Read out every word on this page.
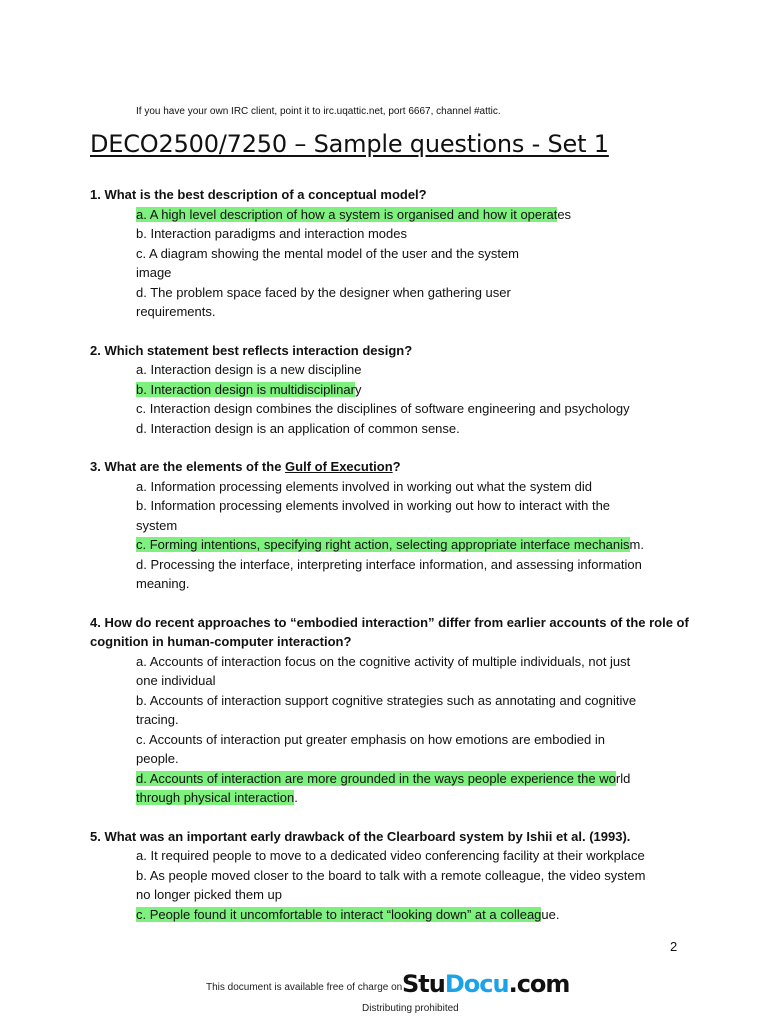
If you have your own IRC client, point it to irc.uqattic.net, port 6667, channel #attic.
DECO2500/7250 – Sample questions - Set 1

1. What is the best description of a conceptual model?

a. A high level description of how a system is organised and how it operates
b. Interaction paradigms and interaction modes
c. A diagram showing the mental model of the user and the system
image
d. The problem space faced by the designer when gathering user
requirements.

2. Which statement best reflects interaction design?

a. Interaction design is a new discipline
b. Interaction design is multidisciplinary
c. Interaction design combines the disciplines of software engineering and psychology
d. Interaction design is an application of common sense.

3. What are the elements of the Gulf of Execution?

a. Information processing elements involved in working out what the system did
b. Information processing elements involved in working out how to interact with the
system
c. Forming intentions, specifying right action, selecting appropriate interface mechanism.
d. Processing the interface, interpreting interface information, and assessing information
meaning.

4. How do recent approaches to “embodied interaction” differ from earlier accounts of the role of cognition in human-computer interaction?

a. Accounts of interaction focus on the cognitive activity of multiple individuals, not just
one individual
b. Accounts of interaction support cognitive strategies such as annotating and cognitive
tracing.
c. Accounts of interaction put greater emphasis on how emotions are embodied in
people.
d. Accounts of interaction are more grounded in the ways people experience the world
through physical interaction.

5. What was an important early drawback of the Clearboard system by Ishii et al. (1993).

a. It required people to move to a dedicated video conferencing facility at their workplace
b. As people moved closer to the board to talk with a remote colleague, the video system
no longer picked them up
c. People found it uncomfortable to interact “looking down” at a colleague.
2
This document is available free of charge on StuDocu.com
Distributing prohibited
